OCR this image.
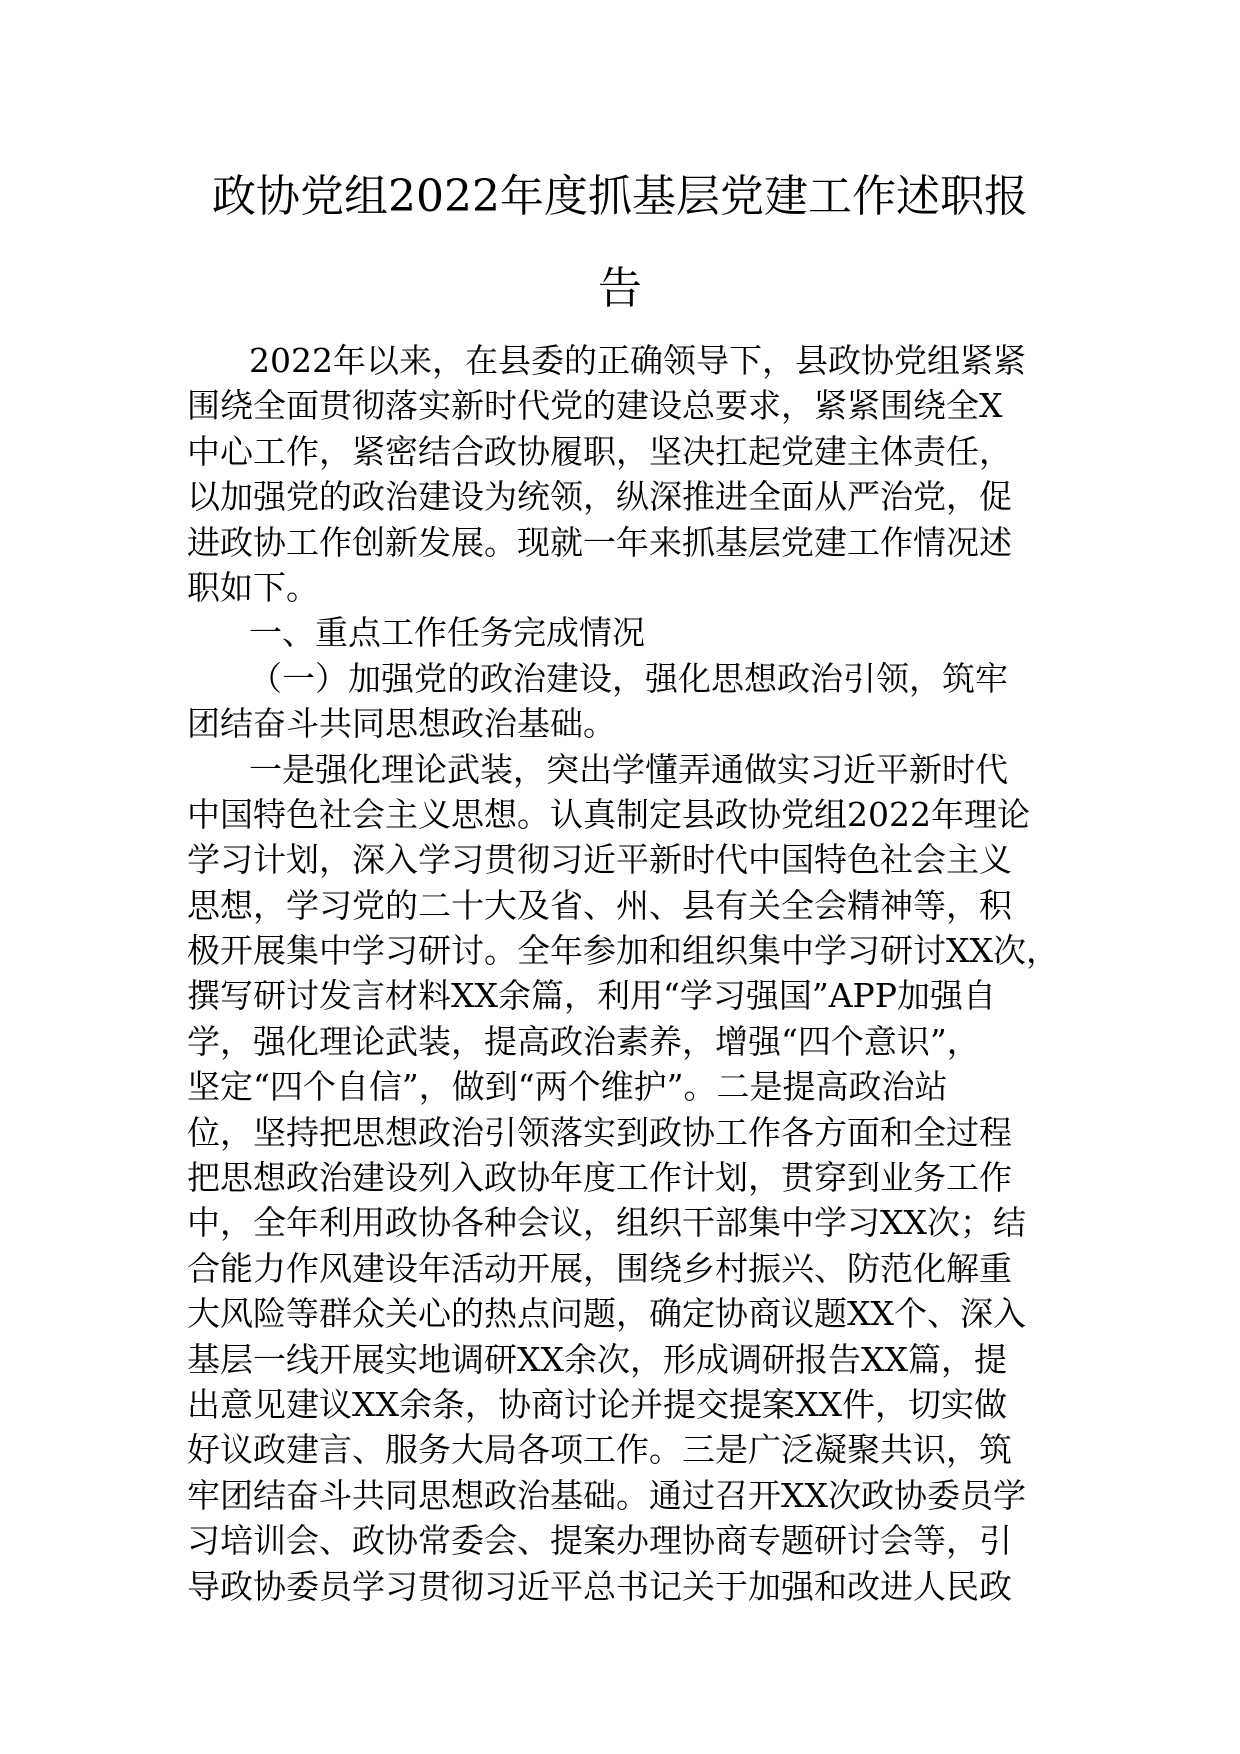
政协党组2022年度抓基层党建工作述职报
告
2022年以来，在县委的正确领导下，县政协党组紧紧
围绕全面贯彻落实新时代党的建设总要求，紧紧围绕全X
中心工作，紧密结合政协履职，坚决扛起党建主体责任，
以加强党的政治建设为统领，纵深推进全面从严治党，促
进政协工作创新发展。现就一年来抓基层党建工作情况述
职如下。
一、重点工作任务完成情况
（一）加强党的政治建设，强化思想政治引领，筑牢
团结奋斗共同思想政治基础。
一是强化理论武装，突出学懂弄通做实习近平新时代
中国特色社会主义思想。认真制定县政协党组2022年理论
学习计划，深入学习贯彻习近平新时代中国特色社会主义
思想，学习党的二十大及省、州、县有关全会精神等，积
极开展集中学习研讨。全年参加和组织集中学习研讨XX次，
撰写研讨发言材料XX余篇，利用“学习强国”APP加强自
学，强化理论武装，提高政治素养，增强“四个意识”，
坚定“四个自信”，做到“两个维护”。二是提高政治站
位，坚持把思想政治引领落实到政协工作各方面和全过程
把思想政治建设列入政协年度工作计划，贯穿到业务工作
中，全年利用政协各种会议，组织干部集中学习XX次；结
合能力作风建设年活动开展，围绕乡村振兴、防范化解重
大风险等群众关心的热点问题，确定协商议题XX个、深入
基层一线开展实地调研XX余次，形成调研报告XX篇，提
出意见建议XX余条，协商讨论并提交提案XX件，切实做
好议政建言、服务大局各项工作。三是广泛凝聚共识，筑
牢团结奋斗共同思想政治基础。通过召开XX次政协委员学
习培训会、政协常委会、提案办理协商专题研讨会等，引
导政协委员学习贯彻习近平总书记关于加强和改进人民政
